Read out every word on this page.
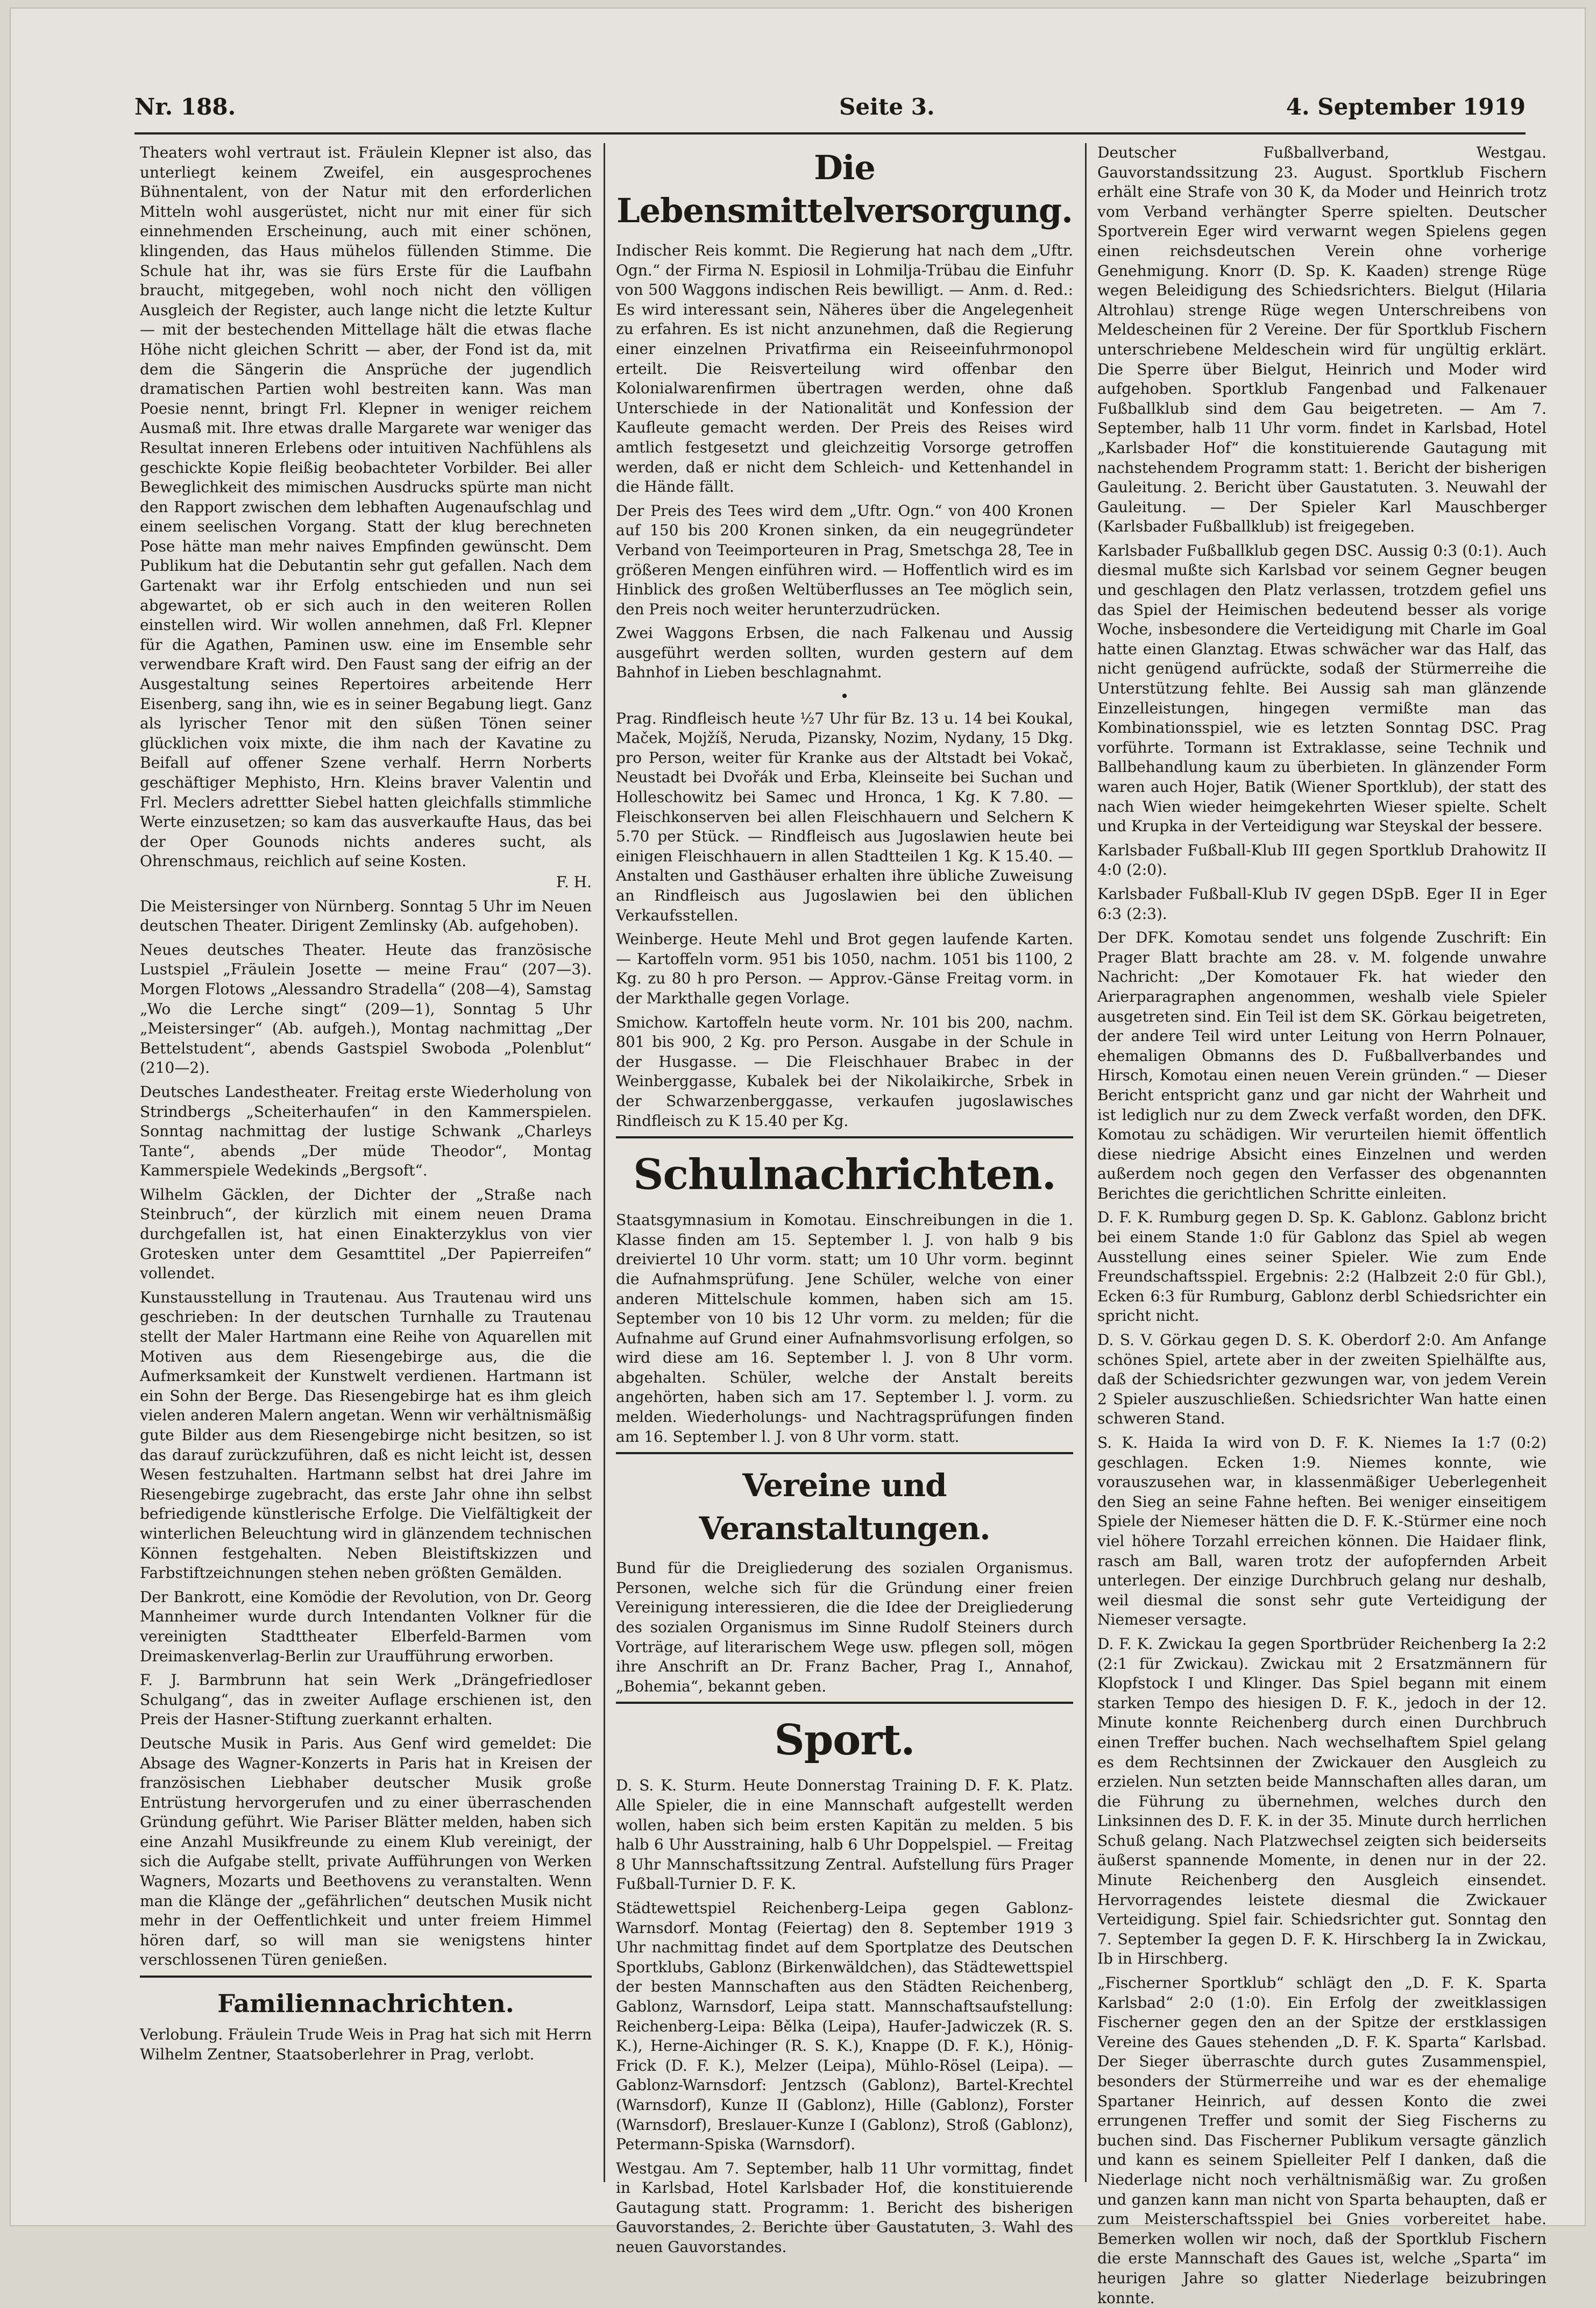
Nr. 188.	Seite 3.	4. September 1919

Theaters wohl vertraut ist. Fräulein Klepner ist also, das unterliegt keinem Zweifel, ein ausgesprochenes Bühnentalent, von der Natur mit den erforderlichen Mitteln wohl ausgerüstet, nicht nur mit einer für sich einnehmenden Erscheinung, auch mit einer schönen, klingenden, das Haus mühelos füllenden Stimme. Die Schule hat ihr, was sie fürs Erste für die Laufbahn braucht, mitgegeben, wohl noch nicht den völligen Ausgleich der Register, auch lange nicht die letzte Kultur — mit der bestechenden Mittellage hält die etwas flache Höhe nicht gleichen Schritt — aber, der Fond ist da, mit dem die Sängerin die Ansprüche der jugendlich dramatischen Partien wohl bestreiten kann. Was man Poesie nennt, bringt Frl. Klepner in weniger reichem Ausmaß mit. Ihre etwas dralle Margarete war weniger das Resultat inneren Erlebens oder intuitiven Nachfühlens als geschickte Kopie fleißig beobachteter Vorbilder. Bei aller Beweglichkeit des mimischen Ausdrucks spürte man nicht den Rapport zwischen dem lebhaften Augenaufschlag und einem seelischen Vorgang. Statt der klug berechneten Pose hätte man mehr naives Empfinden gewünscht. Dem Publikum hat die Debutantin sehr gut gefallen. Nach dem Gartenakt war ihr Erfolg entschieden und nun sei abgewartet, ob er sich auch in den weiteren Rollen einstellen wird. Wir wollen annehmen, daß Frl. Klepner für die Agathen, Paminen usw. eine im Ensemble sehr verwendbare Kraft wird. Den Faust sang der eifrig an der Ausgestaltung seines Repertoires arbeitende Herr Eisenberg, sang ihn, wie es in seiner Begabung liegt. Ganz als lyrischer Tenor mit den süßen Tönen seiner glücklichen voix mixte, die ihm nach der Kavatine zu Beifall auf offener Szene verhalf. Herrn Norberts geschäftiger Mephisto, Hrn. Kleins braver Valentin und Frl. Meclers adrettter Siebel hatten gleichfalls stimmliche Werte einzusetzen; so kam das ausverkaufte Haus, das bei der Oper Gounods nichts anderes sucht, als Ohrenschmaus, reichlich auf seine Kosten.

F. H.

Die Meistersinger von Nürnberg. Sonntag 5 Uhr im Neuen deutschen Theater. Dirigent Zemlinsky (Ab. aufgehoben).

Neues deutsches Theater. Heute das französische Lustspiel „Fräulein Josette — meine Frau“ (207—3). Morgen Flotows „Alessandro Stradella“ (208—4), Samstag „Wo die Lerche singt“ (209—1), Sonntag 5 Uhr „Meistersinger“ (Ab. aufgeh.), Montag nachmittag „Der Bettelstudent“, abends Gastspiel Swoboda „Polenblut“ (210—2).

Deutsches Landestheater. Freitag erste Wiederholung von Strindbergs „Scheiterhaufen“ in den Kammerspielen. Sonntag nachmittag der lustige Schwank „Charleys Tante“, abends „Der müde Theodor“, Montag Kammerspiele Wedekinds „Bergsoft“.

Wilhelm Gäcklen, der Dichter der „Straße nach Steinbruch“, der kürzlich mit einem neuen Drama durchgefallen ist, hat einen Einakterzyklus von vier Grotesken unter dem Gesamttitel „Der Papierreifen“ vollendet.

Kunstausstellung in Trautenau. Aus Trautenau wird uns geschrieben: In der deutschen Turnhalle zu Trautenau stellt der Maler Hartmann eine Reihe von Aquarellen mit Motiven aus dem Riesengebirge aus, die die Aufmerksamkeit der Kunstwelt verdienen. Hartmann ist ein Sohn der Berge. Das Riesengebirge hat es ihm gleich vielen anderen Malern angetan. Wenn wir verhältnismäßig gute Bilder aus dem Riesengebirge nicht besitzen, so ist das darauf zurückzuführen, daß es nicht leicht ist, dessen Wesen festzuhalten. Hartmann selbst hat drei Jahre im Riesengebirge zugebracht, das erste Jahr ohne ihn selbst befriedigende künstlerische Erfolge. Die Vielfältigkeit der winterlichen Beleuchtung wird in glänzendem technischen Können festgehalten. Neben Bleistiftskizzen und Farbstiftzeichnungen stehen neben größten Gemälden.

Der Bankrott, eine Komödie der Revolution, von Dr. Georg Mannheimer wurde durch Intendanten Volkner für die vereinigten Stadttheater Elberfeld-Barmen vom Dreimaskenverlag-Berlin zur Uraufführung erworben.

F. J. Barmbrunn hat sein Werk „Drängefriedloser Schulgang“, das in zweiter Auflage erschienen ist, den Preis der Hasner-Stiftung zuerkannt erhalten.

Deutsche Musik in Paris. Aus Genf wird gemeldet: Die Absage des Wagner-Konzerts in Paris hat in Kreisen der französischen Liebhaber deutscher Musik große Entrüstung hervorgerufen und zu einer überraschenden Gründung geführt. Wie Pariser Blätter melden, haben sich eine Anzahl Musikfreunde zu einem Klub vereinigt, der sich die Aufgabe stellt, private Aufführungen von Werken Wagners, Mozarts und Beethovens zu veranstalten. Wenn man die Klänge der „gefährlichen“ deutschen Musik nicht mehr in der Oeffentlichkeit und unter freiem Himmel hören darf, so will man sie wenigstens hinter verschlossenen Türen genießen.

Familiennachrichten.

Verlobung. Fräulein Trude Weis in Prag hat sich mit Herrn Wilhelm Zentner, Staatsoberlehrer in Prag, verlobt.

Die Lebensmittelversorgung.

Indischer Reis kommt. Die Regierung hat nach dem „Uftr. Ogn.“ der Firma N. Espiosil in Lohmilja-Trübau die Einfuhr von 500 Waggons indischen Reis bewilligt. — Anm. d. Red.: Es wird interessant sein, Näheres über die Angelegenheit zu erfahren. Es ist nicht anzunehmen, daß die Regierung einer einzelnen Privatfirma ein Reiseeinfuhrmonopol erteilt. Die Reisverteilung wird offenbar den Kolonialwarenfirmen übertragen werden, ohne daß Unterschiede in der Nationalität und Konfession der Kaufleute gemacht werden. Der Preis des Reises wird amtlich festgesetzt und gleichzeitig Vorsorge getroffen werden, daß er nicht dem Schleich- und Kettenhandel in die Hände fällt.

Der Preis des Tees wird dem „Uftr. Ogn.“ von 400 Kronen auf 150 bis 200 Kronen sinken, da ein neugegründeter Verband von Teeimporteuren in Prag, Smetschga 28, Tee in größeren Mengen einführen wird. — Hoffentlich wird es im Hinblick des großen Weltüberflusses an Tee möglich sein, den Preis noch weiter herunterzudrücken.

Zwei Waggons Erbsen, die nach Falkenau und Aussig ausgeführt werden sollten, wurden gestern auf dem Bahnhof in Lieben beschlagnahmt.

•

Prag. Rindfleisch heute ½7 Uhr für Bz. 13 u. 14 bei Koukal, Maček, Mojžíš, Neruda, Pizansky, Nozim, Nydany, 15 Dkg. pro Person, weiter für Kranke aus der Altstadt bei Vokač, Neustadt bei Dvořák und Erba, Kleinseite bei Suchan und Holleschowitz bei Samec und Hronca, 1 Kg. K 7.80. — Fleischkonserven bei allen Fleischhauern und Selchern K 5.70 per Stück. — Rindfleisch aus Jugoslawien heute bei einigen Fleischhauern in allen Stadtteilen 1 Kg. K 15.40. — Anstalten und Gasthäuser erhalten ihre übliche Zuweisung an Rindfleisch aus Jugoslawien bei den üblichen Verkaufsstellen.

Weinberge. Heute Mehl und Brot gegen laufende Karten. — Kartoffeln vorm. 951 bis 1050, nachm. 1051 bis 1100, 2 Kg. zu 80 h pro Person. — Approv.-Gänse Freitag vorm. in der Markthalle gegen Vorlage.

Smichow. Kartoffeln heute vorm. Nr. 101 bis 200, nachm. 801 bis 900, 2 Kg. pro Person. Ausgabe in der Schule in der Husgasse. — Die Fleischhauer Brabec in der Weinberggasse, Kubalek bei der Nikolaikirche, Srbek in der Schwarzenberggasse, verkaufen jugoslawisches Rindfleisch zu K 15.40 per Kg.

Schulnachrichten.

Staatsgymnasium in Komotau. Einschreibungen in die 1. Klasse finden am 15. September l. J. von halb 9 bis dreiviertel 10 Uhr vorm. statt; um 10 Uhr vorm. beginnt die Aufnahmsprüfung. Jene Schüler, welche von einer anderen Mittelschule kommen, haben sich am 15. September von 10 bis 12 Uhr vorm. zu melden; für die Aufnahme auf Grund einer Aufnahmsvorlisung erfolgen, so wird diese am 16. September l. J. von 8 Uhr vorm. abgehalten. Schüler, welche der Anstalt bereits angehörten, haben sich am 17. September l. J. vorm. zu melden. Wiederholungs- und Nachtragsprüfungen finden am 16. September l. J. von 8 Uhr vorm. statt.

Vereine und Veranstaltungen.

Bund für die Dreigliederung des sozialen Organismus. Personen, welche sich für die Gründung einer freien Vereinigung interessieren, die die Idee der Dreigliederung des sozialen Organismus im Sinne Rudolf Steiners durch Vorträge, auf literarischem Wege usw. pflegen soll, mögen ihre Anschrift an Dr. Franz Bacher, Prag I., Annahof, „Bohemia“, bekannt geben.

Sport.

D. S. K. Sturm. Heute Donnerstag Training D. F. K. Platz. Alle Spieler, die in eine Mannschaft aufgestellt werden wollen, haben sich beim ersten Kapitän zu melden. 5 bis halb 6 Uhr Ausstraining, halb 6 Uhr Doppelspiel. — Freitag 8 Uhr Mannschaftssitzung Zentral. Aufstellung fürs Prager Fußball-Turnier D. F. K.

Städtewettspiel Reichenberg-Leipa gegen Gablonz-Warnsdorf. Montag (Feiertag) den 8. September 1919 3 Uhr nachmittag findet auf dem Sportplatze des Deutschen Sportklubs, Gablonz (Birkenwäldchen), das Städtewettspiel der besten Mannschaften aus den Städten Reichenberg, Gablonz, Warnsdorf, Leipa statt. Mannschaftsaufstellung: Reichenberg-Leipa: Bělka (Leipa), Haufer-Jadwiczek (R. S. K.), Herne-Aichinger (R. S. K.), Knappe (D. F. K.), Hönig-Frick (D. F. K.), Melzer (Leipa), Mühlo-Rösel (Leipa). — Gablonz-Warnsdorf: Jentzsch (Gablonz), Bartel-Krechtel (Warnsdorf), Kunze II (Gablonz), Hille (Gablonz), Forster (Warnsdorf), Breslauer-Kunze I (Gablonz), Stroß (Gablonz), Petermann-Spiska (Warnsdorf).

Westgau. Am 7. September, halb 11 Uhr vormittag, findet in Karlsbad, Hotel Karlsbader Hof, die konstituierende Gautagung statt. Programm: 1. Bericht des bisherigen Gauvorstandes, 2. Berichte über Gaustatuten, 3. Wahl des neuen Gauvorstandes.

Deutscher Fußballverband, Westgau. Gauvorstandssitzung 23. August. Sportklub Fischern erhält eine Strafe von 30 K, da Moder und Heinrich trotz vom Verband verhängter Sperre spielten. Deutscher Sportverein Eger wird verwarnt wegen Spielens gegen einen reichsdeutschen Verein ohne vorherige Genehmigung. Knorr (D. Sp. K. Kaaden) strenge Rüge wegen Beleidigung des Schiedsrichters. Bielgut (Hilaria Altrohlau) strenge Rüge wegen Unterschreibens von Meldescheinen für 2 Vereine. Der für Sportklub Fischern unterschriebene Meldeschein wird für ungültig erklärt. Die Sperre über Bielgut, Heinrich und Moder wird aufgehoben. Sportklub Fangenbad und Falkenauer Fußballklub sind dem Gau beigetreten. — Am 7. September, halb 11 Uhr vorm. findet in Karlsbad, Hotel „Karlsbader Hof“ die konstituierende Gautagung mit nachstehendem Programm statt: 1. Bericht der bisherigen Gauleitung. 2. Bericht über Gaustatuten. 3. Neuwahl der Gauleitung. — Der Spieler Karl Mauschberger (Karlsbader Fußballklub) ist freigegeben.

Karlsbader Fußballklub gegen DSC. Aussig 0:3 (0:1). Auch diesmal mußte sich Karlsbad vor seinem Gegner beugen und geschlagen den Platz verlassen, trotzdem gefiel uns das Spiel der Heimischen bedeutend besser als vorige Woche, insbesondere die Verteidigung mit Charle im Goal hatte einen Glanztag. Etwas schwächer war das Half, das nicht genügend aufrückte, sodaß der Stürmerreihe die Unterstützung fehlte. Bei Aussig sah man glänzende Einzelleistungen, hingegen vermißte man das Kombinationsspiel, wie es letzten Sonntag DSC. Prag vorführte. Tormann ist Extraklasse, seine Technik und Ballbehandlung kaum zu überbieten. In glänzender Form waren auch Hojer, Batik (Wiener Sportklub), der statt des nach Wien wieder heimgekehrten Wieser spielte. Schelt und Krupka in der Verteidigung war Steyskal der bessere.

Karlsbader Fußball-Klub III gegen Sportklub Drahowitz II 4:0 (2:0).

Karlsbader Fußball-Klub IV gegen DSpB. Eger II in Eger 6:3 (2:3).

Der DFK. Komotau sendet uns folgende Zuschrift: Ein Prager Blatt brachte am 28. v. M. folgende unwahre Nachricht: „Der Komotauer Fk. hat wieder den Arierparagraphen angenommen, weshalb viele Spieler ausgetreten sind. Ein Teil ist dem SK. Görkau beigetreten, der andere Teil wird unter Leitung von Herrn Polnauer, ehemaligen Obmanns des D. Fußballverbandes und Hirsch, Komotau einen neuen Verein gründen.“ — Dieser Bericht entspricht ganz und gar nicht der Wahrheit und ist lediglich nur zu dem Zweck verfaßt worden, den DFK. Komotau zu schädigen. Wir verurteilen hiemit öffentlich diese niedrige Absicht eines Einzelnen und werden außerdem noch gegen den Verfasser des obgenannten Berichtes die gerichtlichen Schritte einleiten.

D. F. K. Rumburg gegen D. Sp. K. Gablonz. Gablonz bricht bei einem Stande 1:0 für Gablonz das Spiel ab wegen Ausstellung eines seiner Spieler. Wie zum Ende Freundschaftsspiel. Ergebnis: 2:2 (Halbzeit 2:0 für Gbl.), Ecken 6:3 für Rumburg, Gablonz derbl Schiedsrichter ein spricht nicht.

D. S. V. Görkau gegen D. S. K. Oberdorf 2:0. Am Anfange schönes Spiel, artete aber in der zweiten Spielhälfte aus, daß der Schiedsrichter gezwungen war, von jedem Verein 2 Spieler auszuschließen. Schiedsrichter Wan hatte einen schweren Stand.

S. K. Haida Ia wird von D. F. K. Niemes Ia 1:7 (0:2) geschlagen. Ecken 1:9. Niemes konnte, wie vorauszusehen war, in klassenmäßiger Ueberlegenheit den Sieg an seine Fahne heften. Bei weniger einseitigem Spiele der Niemeser hätten die D. F. K.-Stürmer eine noch viel höhere Torzahl erreichen können. Die Haidaer flink, rasch am Ball, waren trotz der aufopfernden Arbeit unterlegen. Der einzige Durchbruch gelang nur deshalb, weil diesmal die sonst sehr gute Verteidigung der Niemeser versagte.

D. F. K. Zwickau Ia gegen Sportbrüder Reichenberg Ia 2:2 (2:1 für Zwickau). Zwickau mit 2 Ersatzmännern für Klopfstock I und Klinger. Das Spiel begann mit einem starken Tempo des hiesigen D. F. K., jedoch in der 12. Minute konnte Reichenberg durch einen Durchbruch einen Treffer buchen. Nach wechselhaftem Spiel gelang es dem Rechtsinnen der Zwickauer den Ausgleich zu erzielen. Nun setzten beide Mannschaften alles daran, um die Führung zu übernehmen, welches durch den Linksinnen des D. F. K. in der 35. Minute durch herrlichen Schuß gelang. Nach Platzwechsel zeigten sich beiderseits äußerst spannende Momente, in denen nur in der 22. Minute Reichenberg den Ausgleich einsendet. Hervorragendes leistete diesmal die Zwickauer Verteidigung. Spiel fair. Schiedsrichter gut. Sonntag den 7. September Ia gegen D. F. K. Hirschberg Ia in Zwickau, Ib in Hirschberg.

„Fischerner Sportklub“ schlägt den „D. F. K. Sparta Karlsbad“ 2:0 (1:0). Ein Erfolg der zweitklassigen Fischerner gegen den an der Spitze der erstklassigen Vereine des Gaues stehenden „D. F. K. Sparta“ Karlsbad. Der Sieger überraschte durch gutes Zusammenspiel, besonders der Stürmerreihe und war es der ehemalige Spartaner Heinrich, auf dessen Konto die zwei errungenen Treffer und somit der Sieg Fischerns zu buchen sind. Das Fischerner Publikum versagte gänzlich und kann es seinem Spielleiter Pelf I danken, daß die Niederlage nicht noch verhältnismäßig war. Zu großen und ganzen kann man nicht von Sparta behaupten, daß er zum Meisterschaftsspiel bei Gnies vorbereitet habe. Bemerken wollen wir noch, daß der Sportklub Fischern die erste Mannschaft des Gaues ist, welche „Sparta“ im heurigen Jahre so glatter Niederlage beizubringen konnte.
